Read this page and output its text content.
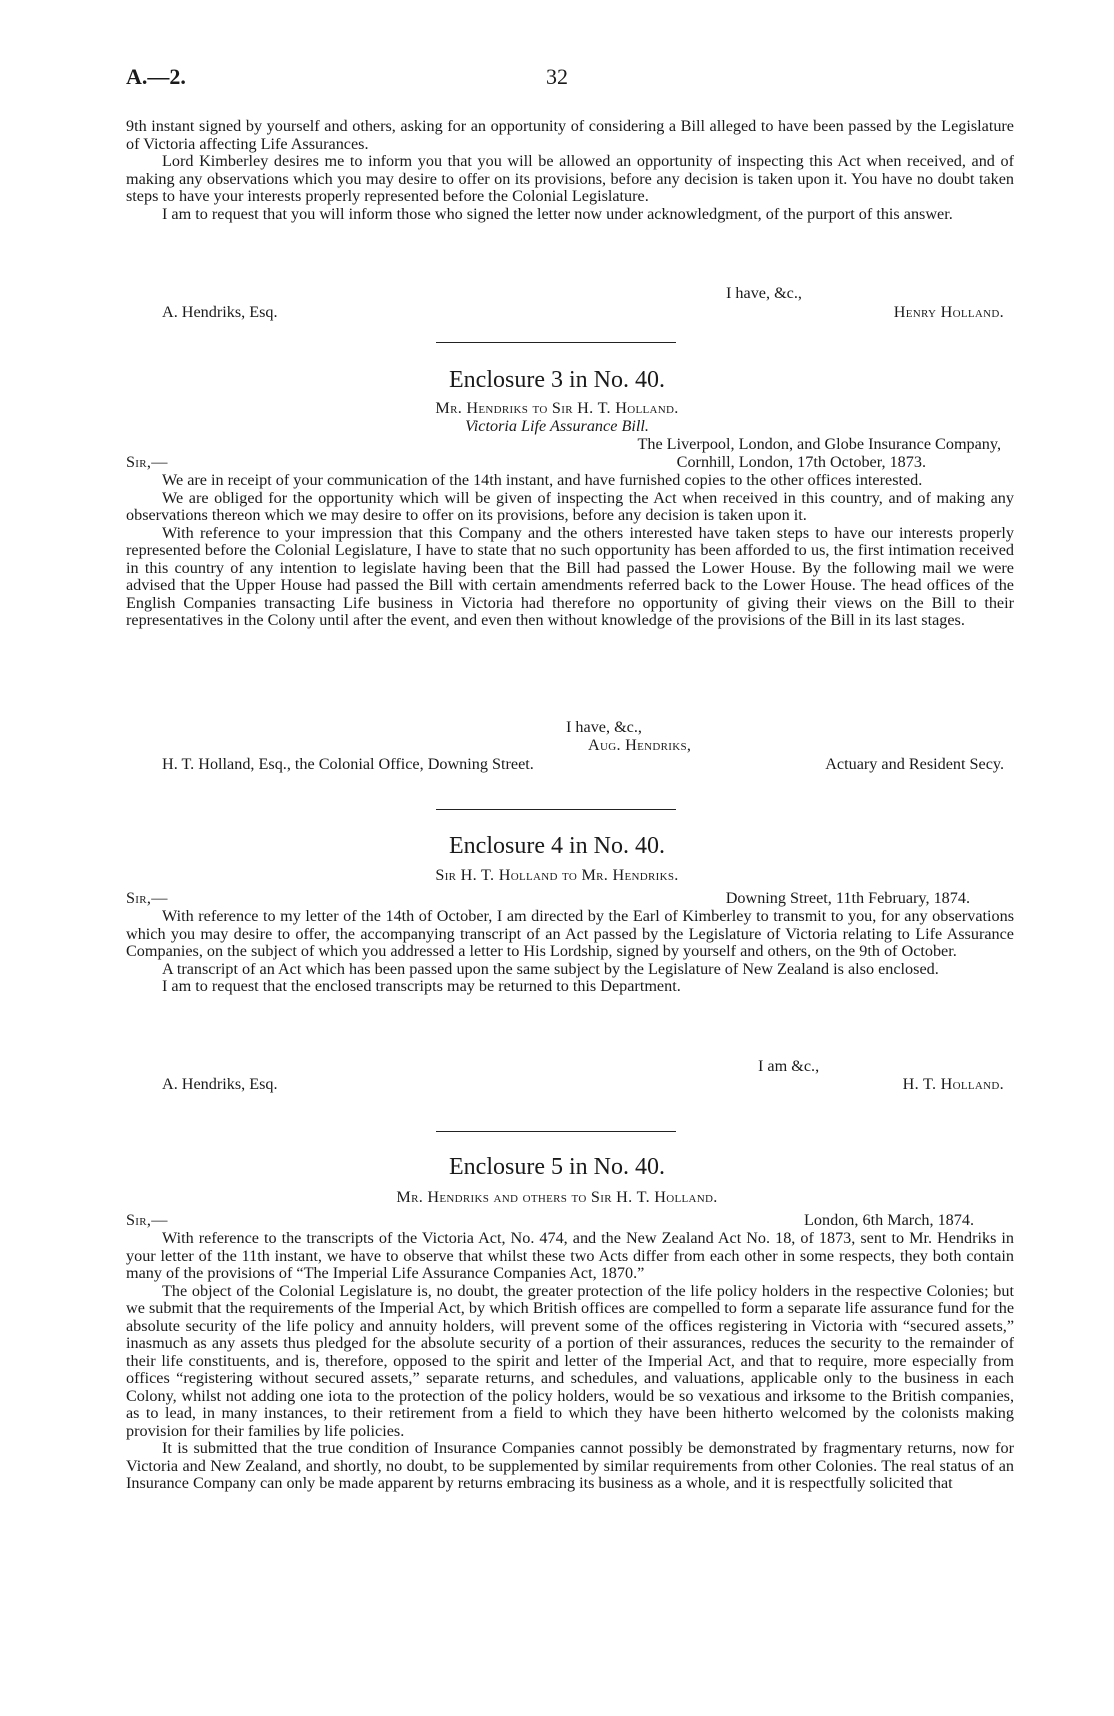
A.—2.	32

9th instant signed by yourself and others, asking for an opportunity of considering a Bill alleged to have been passed by the Legislature of Victoria affecting Life Assurances.

Lord Kimberley desires me to inform you that you will be allowed an opportunity of inspecting this Act when received, and of making any observations which you may desire to offer on its provisions, before any decision is taken upon it. You have no doubt taken steps to have your interests properly represented before the Colonial Legislature.

I am to request that you will inform those who signed the letter now under acknowledgment, of the purport of this answer.

I have, &c.,
A. Hendriks, Esq.	Henry Holland.
Enclosure 3 in No. 40.
Mr. Hendriks to Sir H. T. Holland.
Victoria Life Assurance Bill.
The Liverpool, London, and Globe Insurance Company,
Sir,—	Cornhill, London, 17th October, 1873.

We are in receipt of your communication of the 14th instant, and have furnished copies to the other offices interested.

We are obliged for the opportunity which will be given of inspecting the Act when received in this country, and of making any observations thereon which we may desire to offer on its provisions, before any decision is taken upon it.

With reference to your impression that this Company and the others interested have taken steps to have our interests properly represented before the Colonial Legislature, I have to state that no such opportunity has been afforded to us, the first intimation received in this country of any intention to legislate having been that the Bill had passed the Lower House. By the following mail we were advised that the Upper House had passed the Bill with certain amendments referred back to the Lower House. The head offices of the English Companies transacting Life business in Victoria had therefore no opportunity of giving their views on the Bill to their representatives in the Colony until after the event, and even then without knowledge of the provisions of the Bill in its last stages.

I have, &c.,
Aug. Hendriks,
H. T. Holland, Esq., the Colonial Office, Downing Street.	Actuary and Resident Secy.
Enclosure 4 in No. 40.
Sir H. T. Holland to Mr. Hendriks.
Sir,—	Downing Street, 11th February, 1874.

With reference to my letter of the 14th of October, I am directed by the Earl of Kimberley to transmit to you, for any observations which you may desire to offer, the accompanying transcript of an Act passed by the Legislature of Victoria relating to Life Assurance Companies, on the subject of which you addressed a letter to His Lordship, signed by yourself and others, on the 9th of October.

A transcript of an Act which has been passed upon the same subject by the Legislature of New Zealand is also enclosed.

I am to request that the enclosed transcripts may be returned to this Department.

I am &c.,
A. Hendriks, Esq.	H. T. Holland.
Enclosure 5 in No. 40.
Mr. Hendriks and others to Sir H. T. Holland.
Sir,—	London, 6th March, 1874.

With reference to the transcripts of the Victoria Act, No. 474, and the New Zealand Act No. 18, of 1873, sent to Mr. Hendriks in your letter of the 11th instant, we have to observe that whilst these two Acts differ from each other in some respects, they both contain many of the provisions of “The Imperial Life Assurance Companies Act, 1870.”

The object of the Colonial Legislature is, no doubt, the greater protection of the life policy holders in the respective Colonies; but we submit that the requirements of the Imperial Act, by which British offices are compelled to form a separate life assurance fund for the absolute security of the life policy and annuity holders, will prevent some of the offices registering in Victoria with “secured assets,” inasmuch as any assets thus pledged for the absolute security of a portion of their assurances, reduces the security to the remainder of their life constituents, and is, therefore, opposed to the spirit and letter of the Imperial Act, and that to require, more especially from offices “registering without secured assets,” separate returns, and schedules, and valuations, applicable only to the business in each Colony, whilst not adding one iota to the protection of the policy holders, would be so vexatious and irksome to the British companies, as to lead, in many instances, to their retirement from a field to which they have been hitherto welcomed by the colonists making provision for their families by life policies.

It is submitted that the true condition of Insurance Companies cannot possibly be demonstrated by fragmentary returns, now for Victoria and New Zealand, and shortly, no doubt, to be supplemented by similar requirements from other Colonies. The real status of an Insurance Company can only be made apparent by returns embracing its business as a whole, and it is respectfully solicited that
